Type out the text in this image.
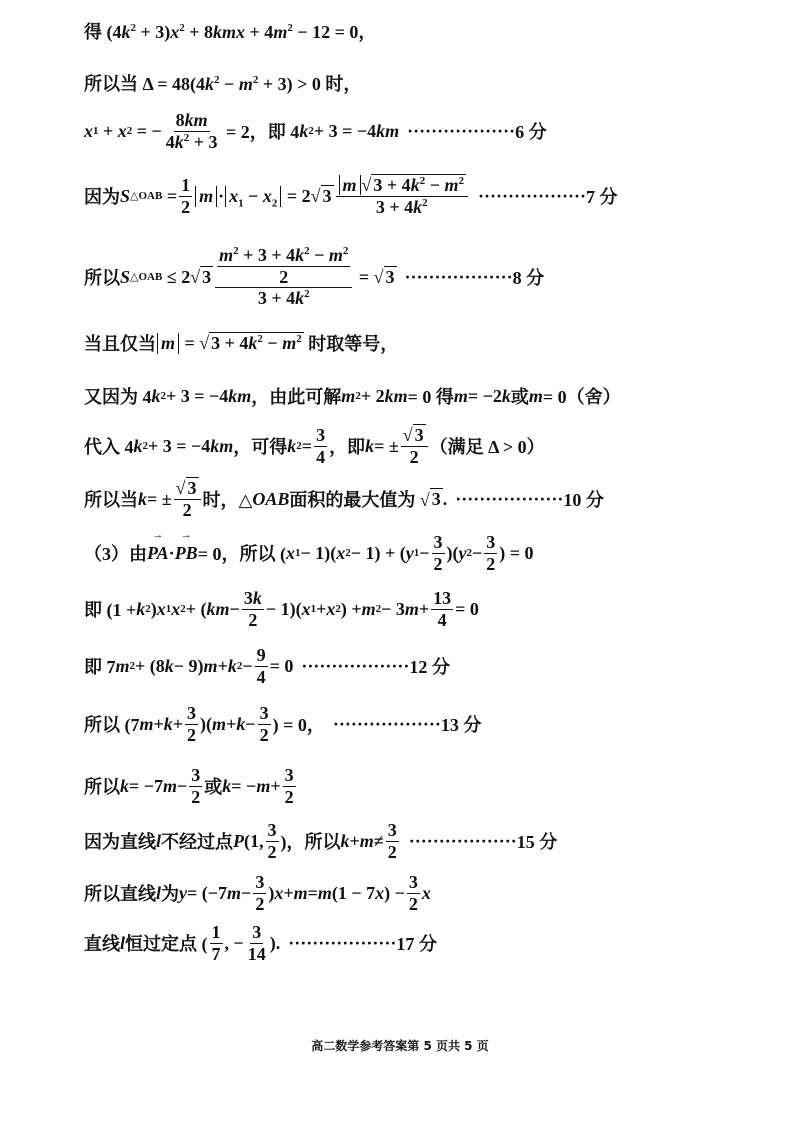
得 $(4k^2 + 3)x^2 + 8kmx + 4m^2 - 12 = 0$，
所以当 $\Delta = 48(4k^2 - m^2 + 3) > 0$ 时，
x 1 + x 2 = − $\frac{8km}{4k^2 + 3} = 2$，即 4 k 2 + 3 = −4 km ·················· 6 分
因为 S △OAB = $\frac{1}{2}$ $m \cdot x_1 - x_2 = 2√$ $3 \frac{m √ 3 + 4k^2 - m^2}{3 + 4k^2}$ ·················· 7 分
所以 S △OAB ≤ 2√ $3 \frac{\frac{m^2 + 3 + 4k^2 - m^2}{2}}{3 + 4k^2}$ = √ 3 ·················· 8 分
当且仅当 m = √ $3 + 4k^2 - m^2$ 时取等号，
又因为 4 k 2 + 3 = −4 km ，由此可解 m 2 + 2 km = 0 得 m = −2 k 或 m = 0（舍）
代入 4 k 2 + 3 = −4 km ，可得 k $2 = \frac{3}{4}$ ，即 k = ± $\frac{√ 3}{2}$ （满足 Δ > 0）
所以当 k = ± $\frac{√ 3}{2}$ 时，△ OAB 面积的最大值为 √ 3 . ·················· 10 分
（3）由 → PA · → PB = 0，所以 ( x 1 − 1)( x 2 − 1) + ( y $1 - \frac{3}{2}$ )( y $2 - \frac{3}{2}$ ) = 0
即 (1 + k 2 ) x 1 x 2 + ( km − $\frac{3k}{2} - 1$)( x 1 + x 2 ) + m 2 − 3 $m + \frac{13}{4} = 0$
即 7 m 2 + (8 k − 9) m + k $2 - \frac{9}{4} = 0$ ·················· 12 分
所以 (7 $m + k + \frac{3}{2}$ )( $m + k - \frac{3}{2}$ ) = 0， ·················· 13 分
所以 k = −7 $m - \frac{3}{2}$ 或 k = − $m + \frac{3}{2}$
因为直线 l 不经过点 P (1, $\frac{3}{2}$ )，所以 $k + m \ne \frac{3}{2}$ ·················· 15 分
所以直线 l 为 y = (−7 $m - \frac{3}{2}$ ) x + m = m (1 − 7 x ) − $\frac{3}{2}$ x
直线 l 恒过定点 ( $\frac{1}{7}$ , − $\frac{3}{14}$ ). ·················· 17 分
高二数学参考答案第 5 页共 5 页
